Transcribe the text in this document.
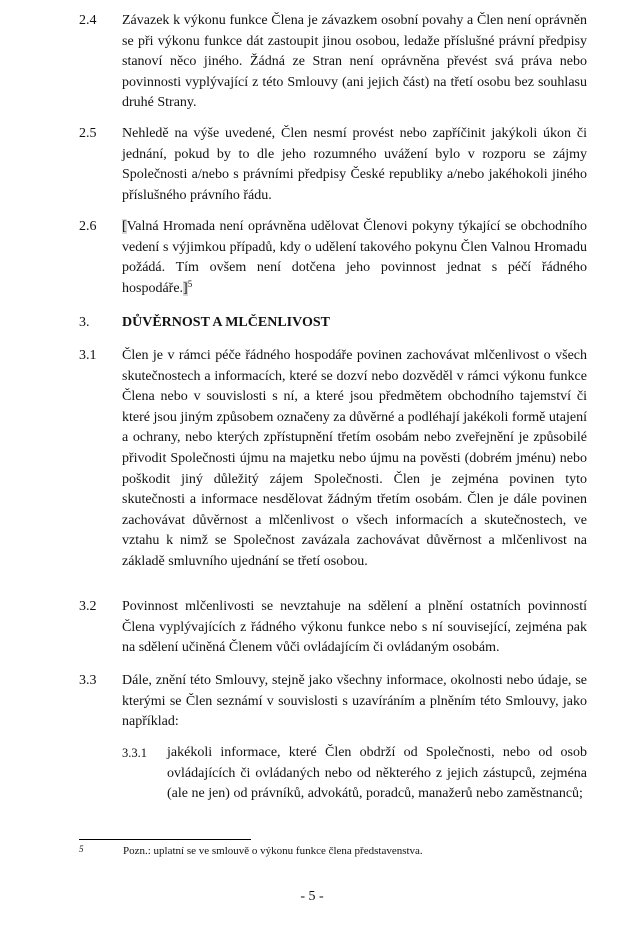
2.4 Závazek k výkonu funkce Člena je závazkem osobní povahy a Člen není oprávněn se při výkonu funkce dát zastoupit jinou osobou, ledaže příslušné právní předpisy stanoví něco jiného. Žádná ze Stran není oprávněna převést svá práva nebo povinnosti vyplývající z této Smlouvy (ani jejich část) na třetí osobu bez souhlasu druhé Strany.
2.5 Nehledě na výše uvedené, Člen nesmí provést nebo zapříčinit jakýkoli úkon či jednání, pokud by to dle jeho rozumného uvážení bylo v rozporu se zájmy Společnosti a/nebo s právními předpisy České republiky a/nebo jakéhokoli jiného příslušného právního řádu.
2.6 [Valná Hromada není oprávněna udělovat Členovi pokyny týkající se obchodního vedení s výjimkou případů, kdy o udělení takového pokynu Člen Valnou Hromadu požádá. Tím ovšem není dotčena jeho povinnost jednat s péčí řádného hospodáře.]$^5$
3. DŮVĚRNOST A MLČENLIVOST
3.1 Člen je v rámci péče řádného hospodáře povinen zachovávat mlčenlivost o všech skutečnostech a informacích, které se dozví nebo dozvěděl v rámci výkonu funkce Člena nebo v souvislosti s ní, a které jsou předmětem obchodního tajemství či které jsou jiným způsobem označeny za důvěrné a podléhají jakékoli formě utajení a ochrany, nebo kterých zpřístupnění třetím osobám nebo zveřejnění je způsobilé přivodit Společnosti újmu na majetku nebo újmu na pověsti (dobrém jménu) nebo poškodit jiný důležitý zájem Společnosti. Člen je zejména povinen tyto skutečnosti a informace nesdělovat žádným třetím osobám. Člen je dále povinen zachovávat důvěrnost a mlčenlivost o všech informacích a skutečnostech, ve vztahu k nimž se Společnost zavázala zachovávat důvěrnost a mlčenlivost na základě smluvního ujednání se třetí osobou.
3.2 Povinnost mlčenlivosti se nevztahuje na sdělení a plnění ostatních povinností Člena vyplývajících z řádného výkonu funkce nebo s ní související, zejména pak na sdělení učiněná Členem vůči ovládajícím či ovládaným osobám.
3.3 Dále, znění této Smlouvy, stejně jako všechny informace, okolnosti nebo údaje, se kterými se Člen seznámí v souvislosti s uzavíráním a plněním této Smlouvy, jako například:
3.3.1 jakékoli informace, které Člen obdrží od Společnosti, nebo od osob ovládajících či ovládaných nebo od některého z jejich zástupců, zejména (ale ne jen) od právníků, advokátů, poradců, manažerů nebo zaměstnanců;
5	Pozn.: uplatní se ve smlouvě o výkonu funkce člena představenstva.
- 5 -
